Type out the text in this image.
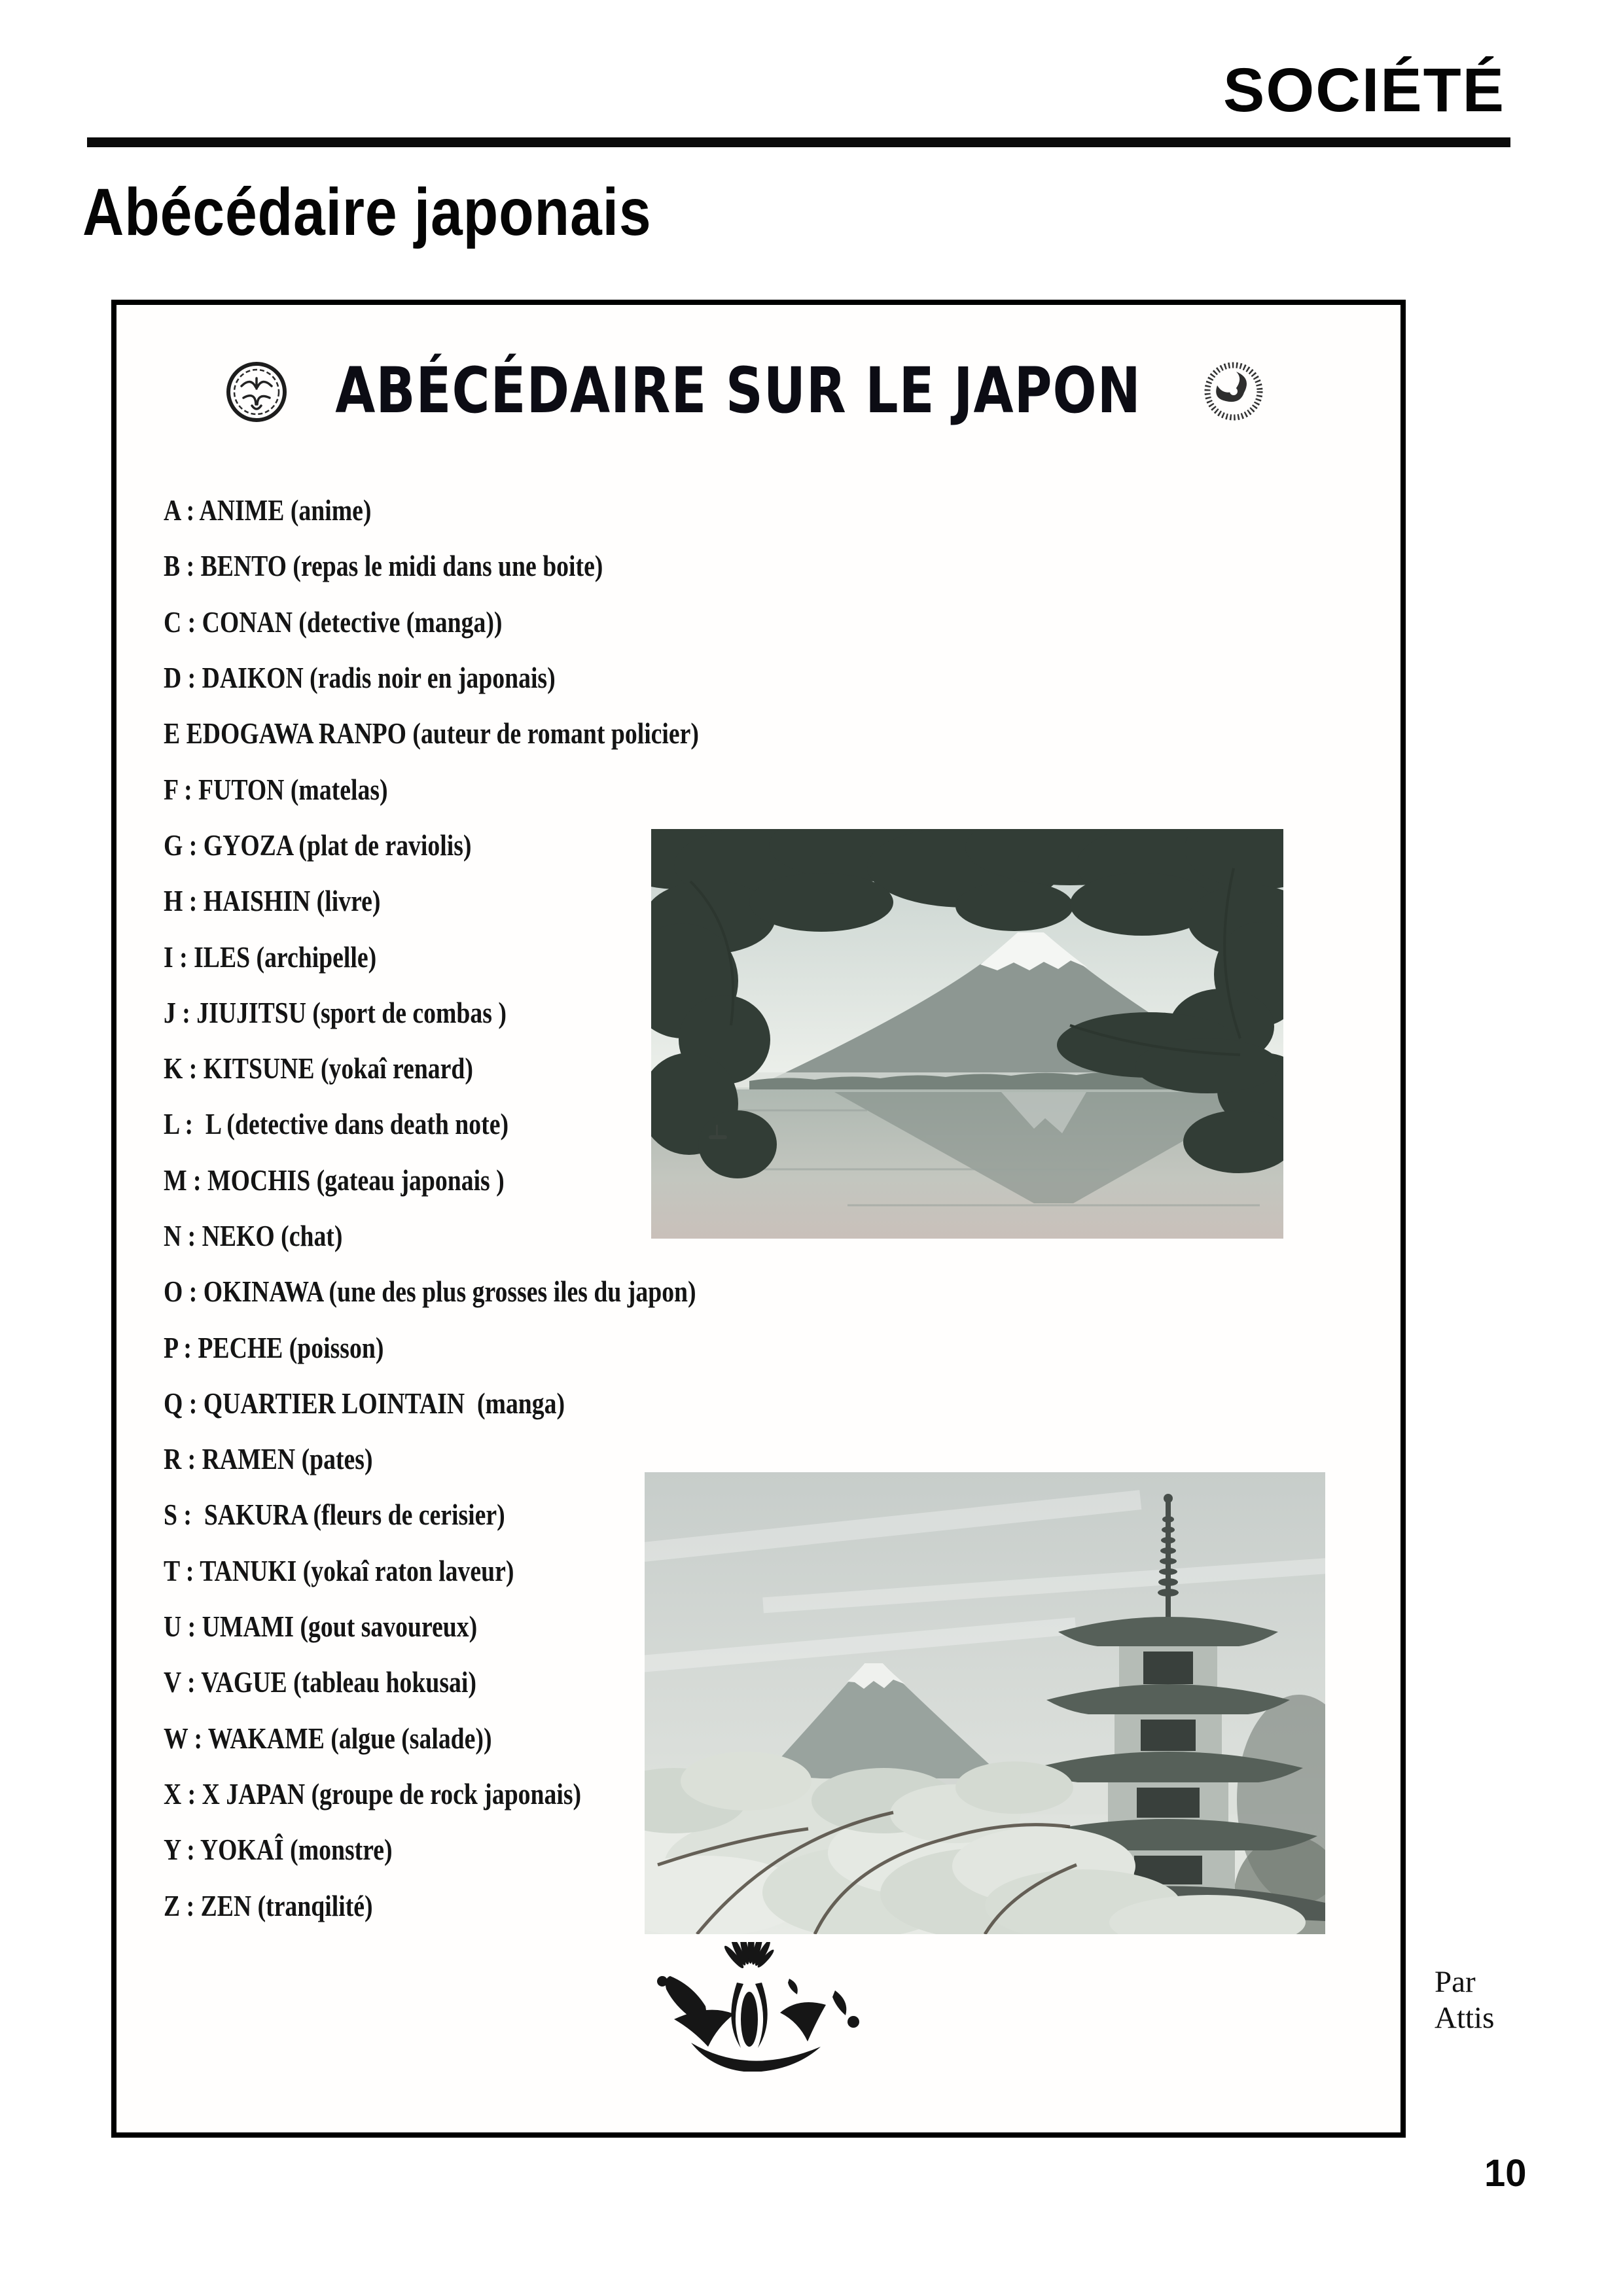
SOCIÉTÉ
Abécédaire japonais
ABÉCÉDAIRE SUR LE JAPON
A : ANIME (anime)
B : BENTO (repas le midi dans une boite)
C : CONAN (detective (manga))
D : DAIKON (radis noir en japonais)
E EDOGAWA RANPO (auteur de romant policier)
F : FUTON (matelas)
G : GYOZA (plat de raviolis)
H : HAISHIN (livre)
I : ILES (archipelle)
J : JIUJITSU (sport de combas )
K : KITSUNE (yokaî renard)
L :  L (detective dans death note)
M : MOCHIS (gateau japonais )
N : NEKO (chat)
O : OKINAWA (une des plus grosses iles du japon)
P : PECHE (poisson)
Q : QUARTIER LOINTAIN  (manga)
R : RAMEN (pates)
S :  SAKURA (fleurs de cerisier)
T : TANUKI (yokaî raton laveur)
U : UMAMI (gout savoureux)
V : VAGUE (tableau hokusai)
W : WAKAME (algue (salade))
X : X JAPAN (groupe de rock japonais)
Y : YOKAÎ (monstre)
Z : ZEN (tranqilité)
Par
Attis
10
